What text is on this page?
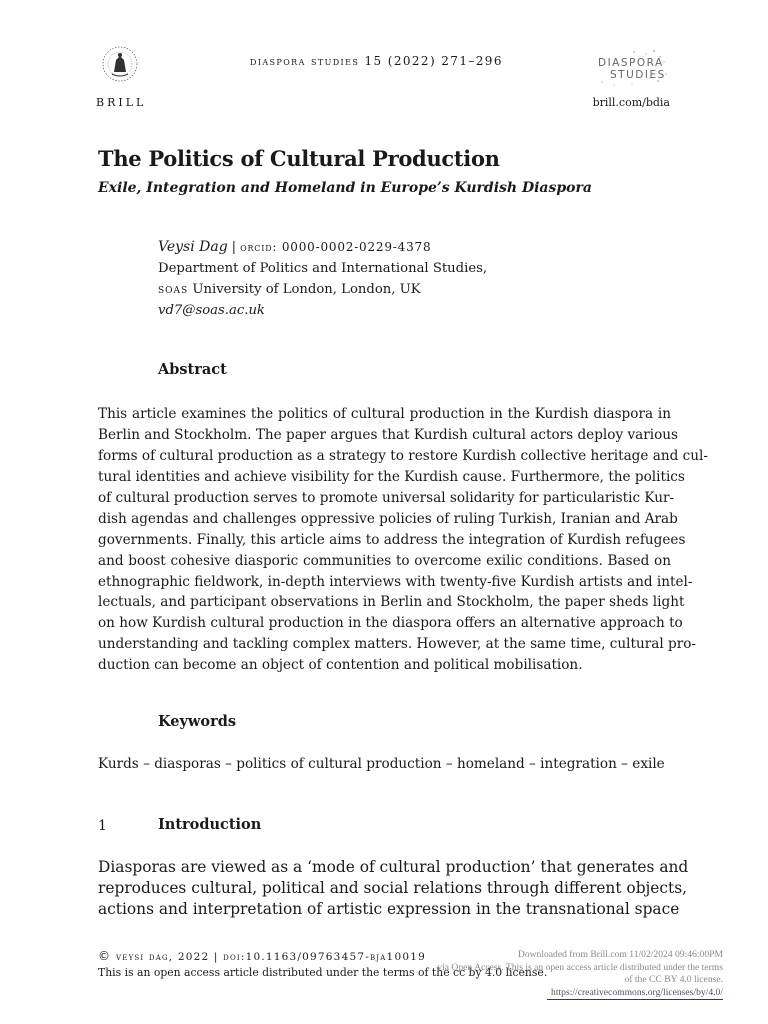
BRILL
diaspora studies 15 (2022) 271–296	DIASPORA
STUDIES
brill.com/bdia
The Politics of Cultural Production
Exile, Integration and Homeland in Europe’s Kurdish Diaspora
Veysi Dag | orcid: 0000-0002-0229-4378
Department of Politics and International Studies,
soas University of London, London, UK
vd7@soas.ac.uk
Abstract
This article examines the politics of cultural production in the Kurdish diaspora in
Berlin and Stockholm. The paper argues that Kurdish cultural actors deploy various
forms of cultural production as a strategy to restore Kurdish collective heritage and cul-
tural identities and achieve visibility for the Kurdish cause. Furthermore, the politics
of cultural production serves to promote universal solidarity for particularistic Kur-
dish agendas and challenges oppressive policies of ruling Turkish, Iranian and Arab
governments. Finally, this article aims to address the integration of Kurdish refugees
and boost cohesive diasporic communities to overcome exilic conditions. Based on
ethnographic fieldwork, in-depth interviews with twenty-five Kurdish artists and intel-
lectuals, and participant observations in Berlin and Stockholm, the paper sheds light
on how Kurdish cultural production in the diaspora offers an alternative approach to
understanding and tackling complex matters. However, at the same time, cultural pro-
duction can become an object of contention and political mobilisation.
Keywords
Kurds – diasporas – politics of cultural production – homeland – integration – exile
1	Introduction
Diasporas are viewed as a ‘mode of cultural production’ that generates and
reproduces cultural, political and social relations through different objects,
actions and interpretation of artistic expression in the transnational space
© veysi dag, 2022 | doi:10.1163/09763457-bja10019
This is an open access article distributed under the terms of the cc by 4.0 license.
Downloaded from Brill.com 11/02/2024 09:46:00PM
via Open Access. This is an open access article distributed under the terms
of the CC BY 4.0 license.
https://creativecommons.org/licenses/by/4.0/
